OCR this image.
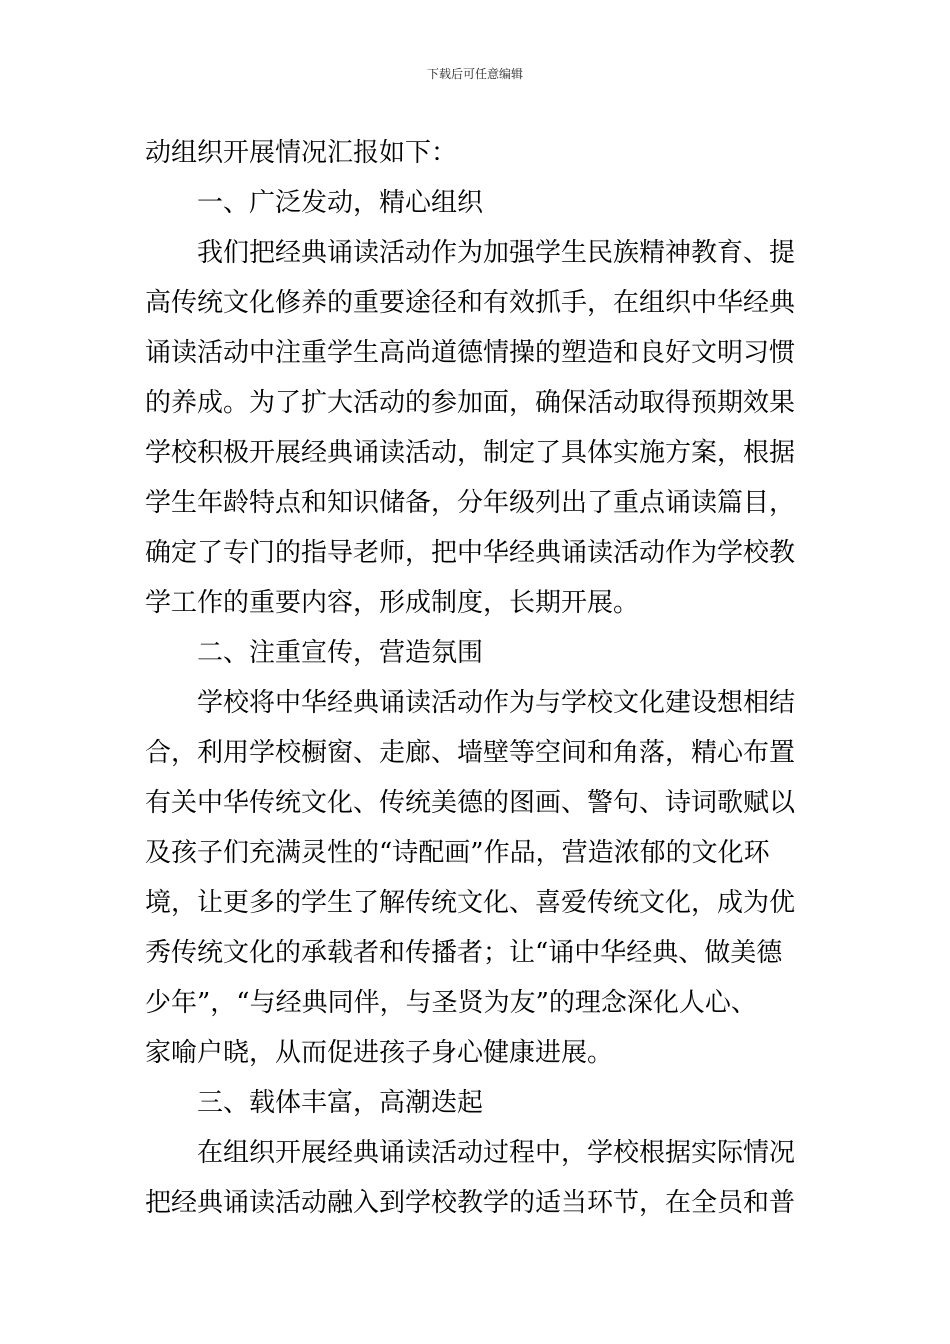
下载后可任意编辑
动组织开展情况汇报如下：
一、广泛发动，精心组织
我们把经典诵读活动作为加强学生民族精神教育、提
高传统文化修养的重要途径和有效抓手，在组织中华经典
诵读活动中注重学生高尚道德情操的塑造和良好文明习惯
的养成。为了扩大活动的参加面，确保活动取得预期效果
学校积极开展经典诵读活动，制定了具体实施方案，根据
学生年龄特点和知识储备，分年级列出了重点诵读篇目，
确定了专门的指导老师，把中华经典诵读活动作为学校教
学工作的重要内容，形成制度，长期开展。
二、注重宣传，营造氛围
学校将中华经典诵读活动作为与学校文化建设想相结
合，利用学校橱窗、走廊、墙壁等空间和角落，精心布置
有关中华传统文化、传统美德的图画、警句、诗词歌赋以
及孩子们充满灵性的“诗配画”作品，营造浓郁的文化环
境，让更多的学生了解传统文化、喜爱传统文化，成为优
秀传统文化的承载者和传播者；让“诵中华经典、做美德
少年”，“与经典同伴，与圣贤为友”的理念深化人心、
家喻户晓，从而促进孩子身心健康进展。
三、载体丰富，高潮迭起
在组织开展经典诵读活动过程中，学校根据实际情况
把经典诵读活动融入到学校教学的适当环节，在全员和普
